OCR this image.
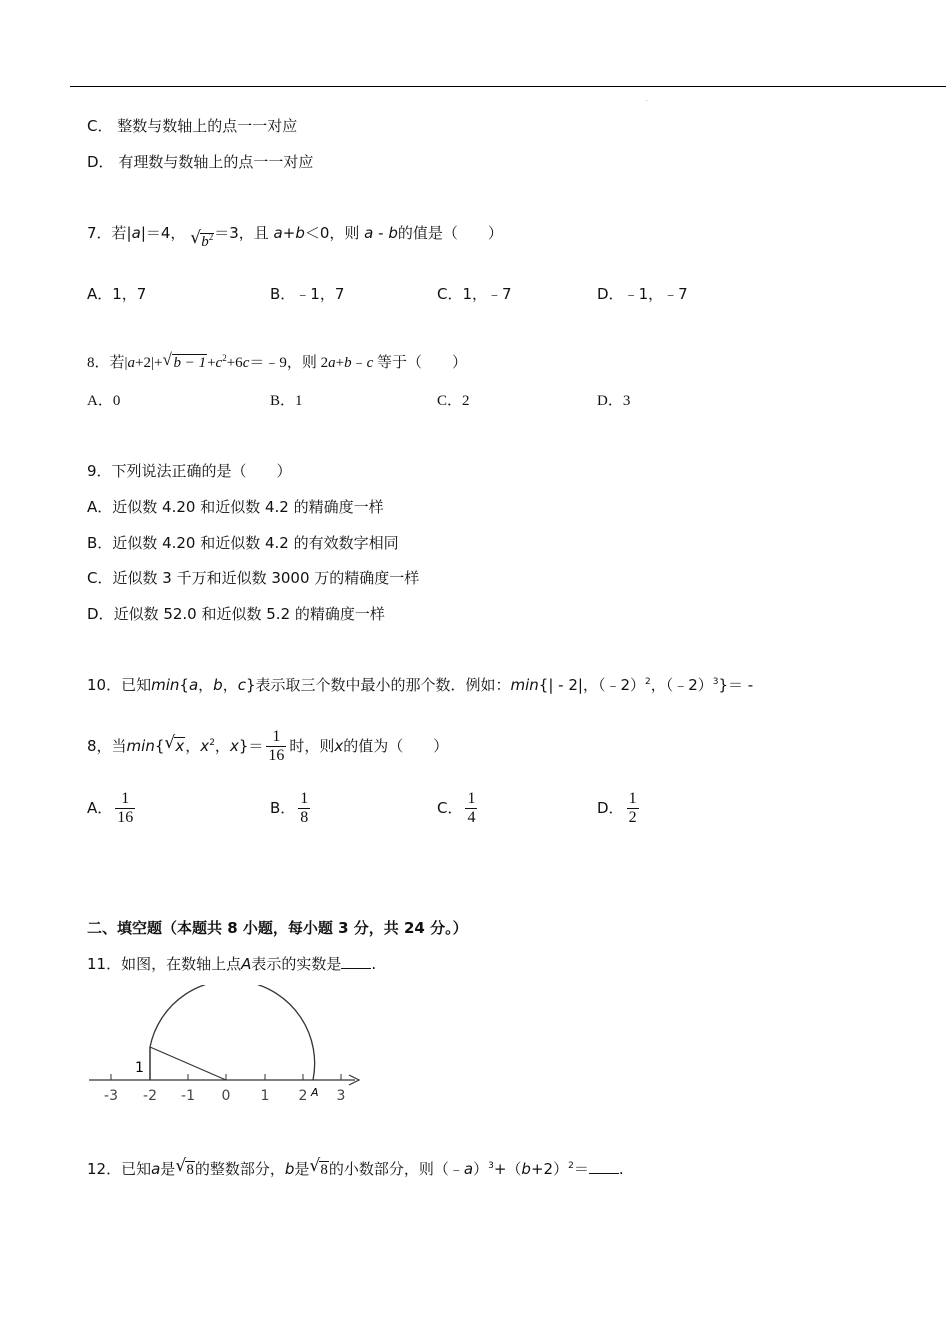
.
C． 整数与数轴上的点一一对应
D． 有理数与数轴上的点一一对应
7．若|a|＝4， √ $b^2=3$，且 a+b＜0，则 a - b的值是（　　）
A．1，7	B．﹣1，7	C．1，﹣7	D．﹣1，﹣7
8．若|a+2|+ √ $b - 1+c^2+6c=﹣9$，则 2a+b﹣c 等于（　　）
A．0	B．1	C．2	D．3
9．下列说法正确的是（　　）
A．近似数 4.20 和近似数 4.2 的精确度一样
B．近似数 4.20 和近似数 4.2 的有效数字相同
C．近似数 3 千万和近似数 3000 万的精确度一样
D．近似数 52.0 和近似数 5.2 的精确度一样
10．已知min{a，b，c}表示取三个数中最小的那个数．例如：min{| - 2|，（﹣2）$^2$，（﹣2）$^3$}＝ -
8，当min{ √ x，$x^2$，$x\}= \frac{1}{16}$ 时，则x的值为（　　）
A． $\frac{1}{16}$	B． $\frac{1}{8}$	C． $\frac{1}{4}$	D． $\frac{1}{2}$
二、填空题（本题共 8 小题，每小题 3 分，共 24 分。）
11．如图，在数轴上点A表示的实数是 .
1
-3 -2 -1 0 1 2 3
A
12．已知a是 √ 8的整数部分，b是 √ 8的小数部分，则$(﹣a)^3+(b+2)^2=$ .
